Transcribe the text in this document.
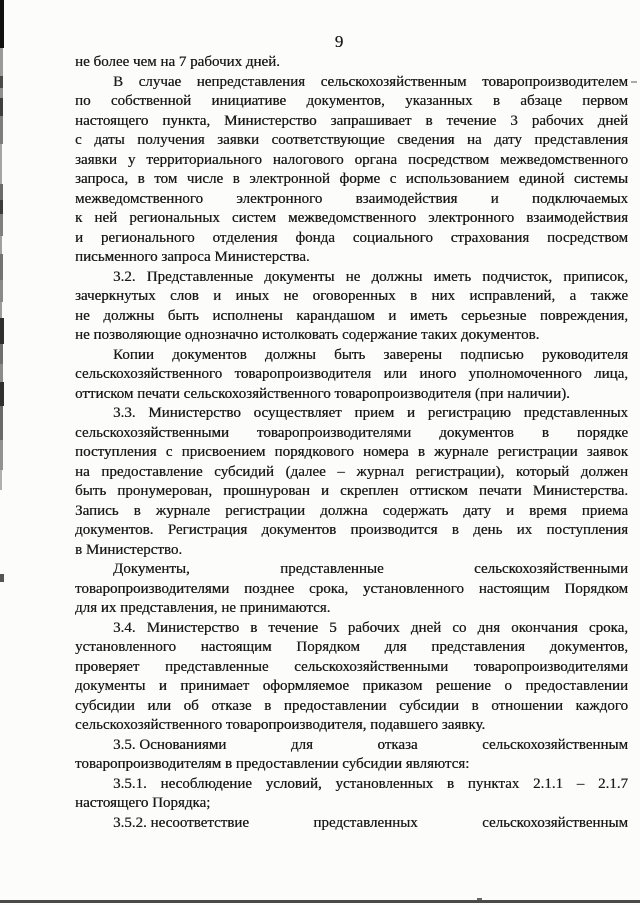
9
не более чем на 7 рабочих дней.
В случае непредставления сельскохозяйственным товаропроизводителем
по собственной инициативе документов, указанных в абзаце первом
настоящего пункта, Министерство запрашивает в течение 3 рабочих дней
с даты получения заявки соответствующие сведения на дату представления
заявки у территориального налогового органа посредством межведомственного
запроса, в том числе в электронной форме с использованием единой системы
межведомственного электронного взаимодействия и подключаемых
к ней региональных систем межведомственного электронного взаимодействия
и регионального отделения фонда социального страхования посредством
письменного запроса Министерства.
3.2. Представленные документы не должны иметь подчисток, приписок,
зачеркнутых слов и иных не оговоренных в них исправлений, а также
не должны быть исполнены карандашом и иметь серьезные повреждения,
не позволяющие однозначно истолковать содержание таких документов.
Копии документов должны быть заверены подписью руководителя
сельскохозяйственного товаропроизводителя или иного уполномоченного лица,
оттиском печати сельскохозяйственного товаропроизводителя (при наличии).
3.3. Министерство осуществляет прием и регистрацию представленных
сельскохозяйственными товаропроизводителями документов в порядке
поступления с присвоением порядкового номера в журнале регистрации заявок
на предоставление субсидий (далее – журнал регистрации), который должен
быть пронумерован, прошнурован и скреплен оттиском печати Министерства.
Запись в журнале регистрации должна содержать дату и время приема
документов. Регистрация документов производится в день их поступления
в Министерство.
Документы,	представленные	сельскохозяйственными
товаропроизводителями позднее срока, установленного настоящим Порядком
для их представления, не принимаются.
3.4. Министерство в течение 5 рабочих дней со дня окончания срока,
установленного настоящим Порядком для представления документов,
проверяет представленные сельскохозяйственными товаропроизводителями
документы и принимает оформляемое приказом решение о предоставлении
субсидии или об отказе в предоставлении субсидии в отношении каждого
сельскохозяйственного товаропроизводителя, подавшего заявку.
3.5. Основаниями	для	отказа	сельскохозяйственным
товаропроизводителям в предоставлении субсидии являются:
3.5.1. несоблюдение условий, установленных в пунктах 2.1.1 – 2.1.7
настоящего Порядка;
3.5.2. несоответствие	представленных	сельскохозяйственным
